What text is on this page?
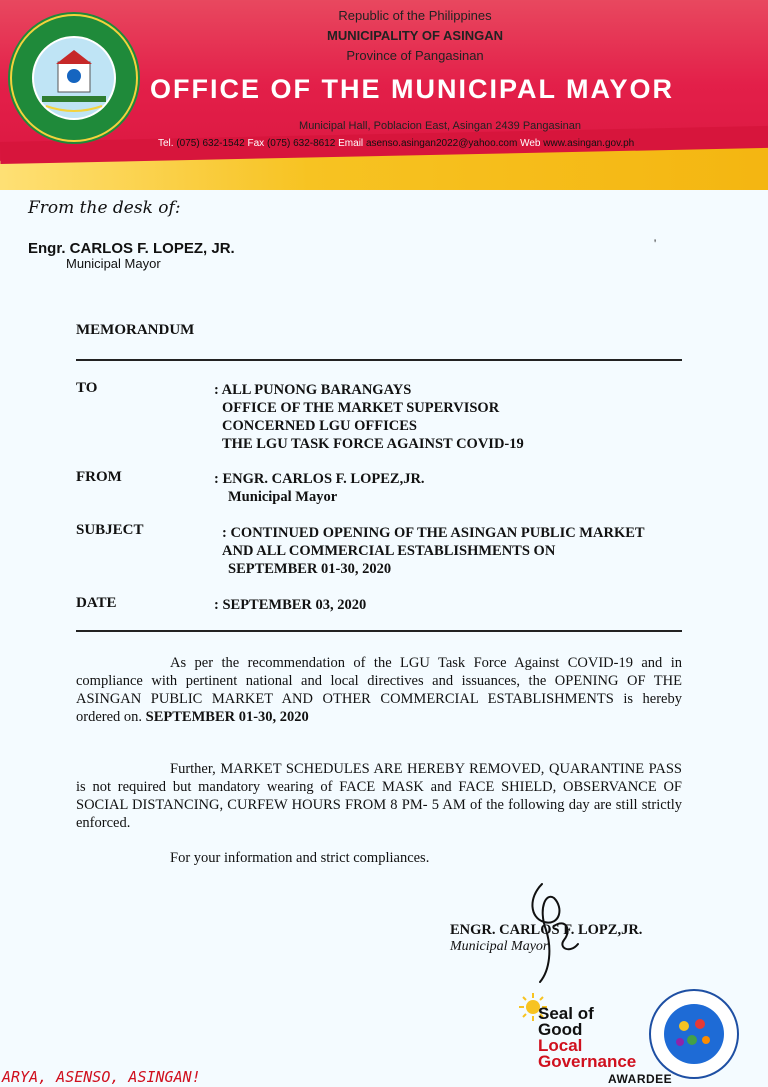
Republic of the Philippines
MUNICIPALITY OF ASINGAN
Province of Pangasinan
OFFICE OF THE MUNICIPAL MAYOR
Municipal Hall, Poblacion East, Asingan 2439 Pangasinan
Tel. (075) 632-1542 Fax (075) 632-8612 Email asenso.asingan2022@yahoo.com Web www.asingan.gov.ph
From the desk of:
Engr. CARLOS F. LOPEZ, JR.
Municipal Mayor
'
MEMORANDUM
TO	: ALL PUNONG BARANGAYS
OFFICE OF THE MARKET SUPERVISOR
CONCERNED LGU OFFICES
THE LGU TASK FORCE AGAINST COVID-19
FROM	: ENGR. CARLOS F. LOPEZ,JR.
Municipal Mayor
SUBJECT	: CONTINUED OPENING OF THE ASINGAN PUBLIC MARKET
AND ALL COMMERCIAL ESTABLISHMENTS ON
SEPTEMBER 01-30, 2020
DATE	: SEPTEMBER 03, 2020
As per the recommendation of the LGU Task Force Against COVID-19 and in compliance with pertinent national and local directives and issuances, the OPENING OF THE ASINGAN PUBLIC MARKET AND OTHER COMMERCIAL ESTABLISHMENTS is hereby ordered on. SEPTEMBER 01-30, 2020
Further, MARKET SCHEDULES ARE HEREBY REMOVED, QUARANTINE PASS is not required but mandatory wearing of FACE MASK and FACE SHIELD, OBSERVANCE OF SOCIAL DISTANCING, CURFEW HOURS FROM 8 PM- 5 AM of the following day are still strictly enforced.
For your information and strict compliances.
ENGR. CARLOS F. LOPZ,JR.
Municipal Mayor
ARYA, ASENSO, ASINGAN!
Seal of
Good
Local
Governance
AWARDEE
